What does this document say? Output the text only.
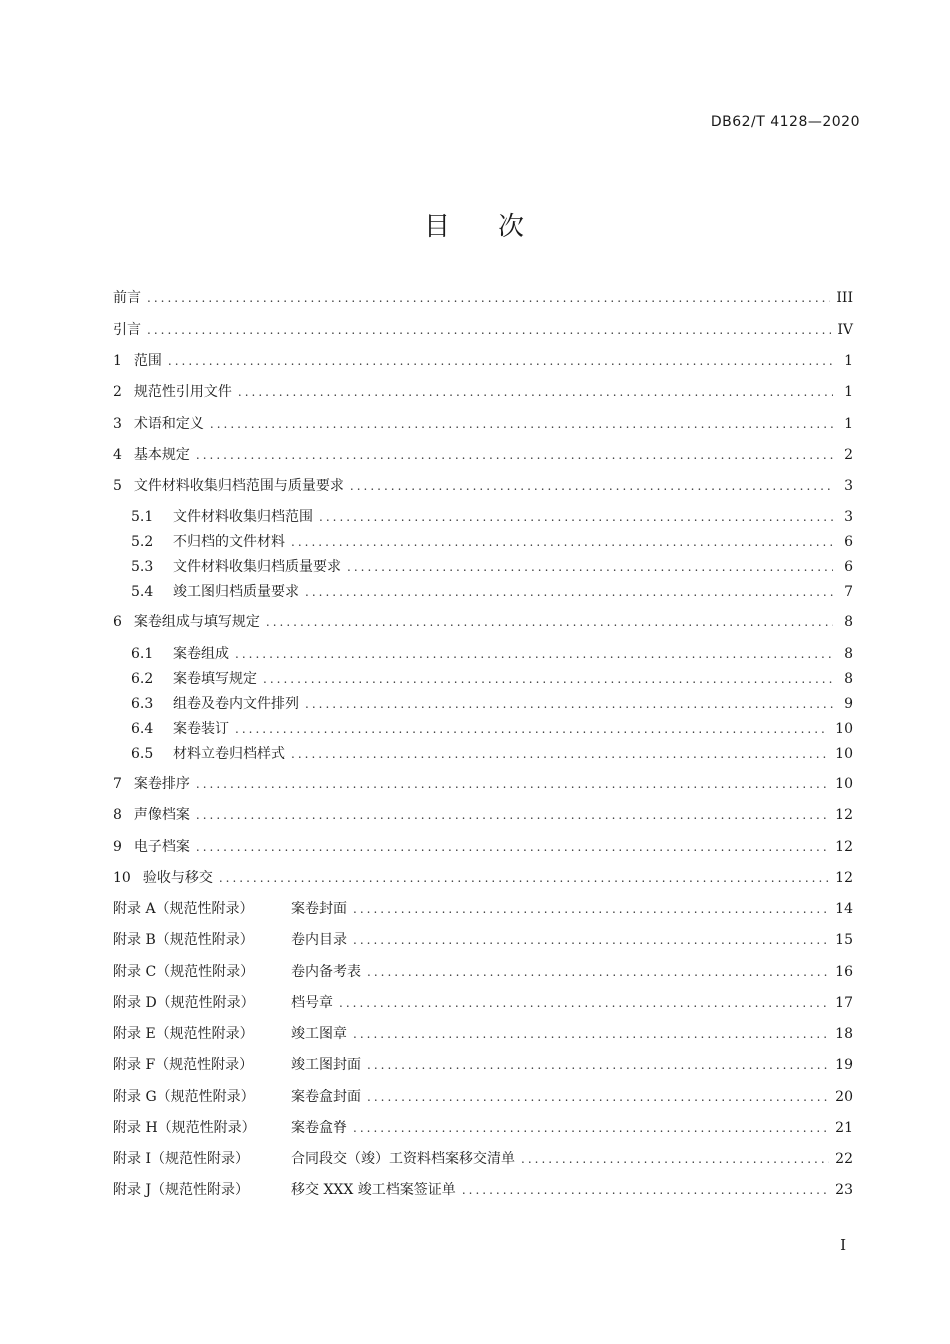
DB62/T 4128—2020
目 次
前言 .....	III
引言 .....	IV
1 范围 .....	1
2 规范性引用文件 .....	1
3 术语和定义 .....	1
4 基本规定 .....	2
5 文件材料收集归档范围与质量要求 .....	3
5.1	文件材料收集归档范围 .....	3
5.2	不归档的文件材料 .....	6
5.3	文件材料收集归档质量要求 .....	6
5.4	竣工图归档质量要求 .....	7
6 案卷组成与填写规定 .....	8
6.1	案卷组成 .....	8
6.2	案卷填写规定 .....	8
6.3	组卷及卷内文件排列 .....	9
6.4	案卷装订 .....	10
6.5	材料立卷归档样式 .....	10
7 案卷排序 .....	10
8 声像档案 .....	12
9 电子档案 .....	12
10 验收与移交 .....	12
附录 A（规范性附录）	案卷封面 .....	14
附录 B（规范性附录）	卷内目录 .....	15
附录 C（规范性附录）	卷内备考表 .....	16
附录 D（规范性附录）	档号章 .....	17
附录 E（规范性附录）	竣工图章 .....	18
附录 F（规范性附录）	竣工图封面 .....	19
附录 G（规范性附录）	案卷盒封面 .....	20
附录 H（规范性附录）	案卷盒脊 .....	21
附录 I（规范性附录）	合同段交（竣）工资料档案移交清单 .....	22
附录 J（规范性附录）	移交 XXX 竣工档案签证单 .....	23
I
